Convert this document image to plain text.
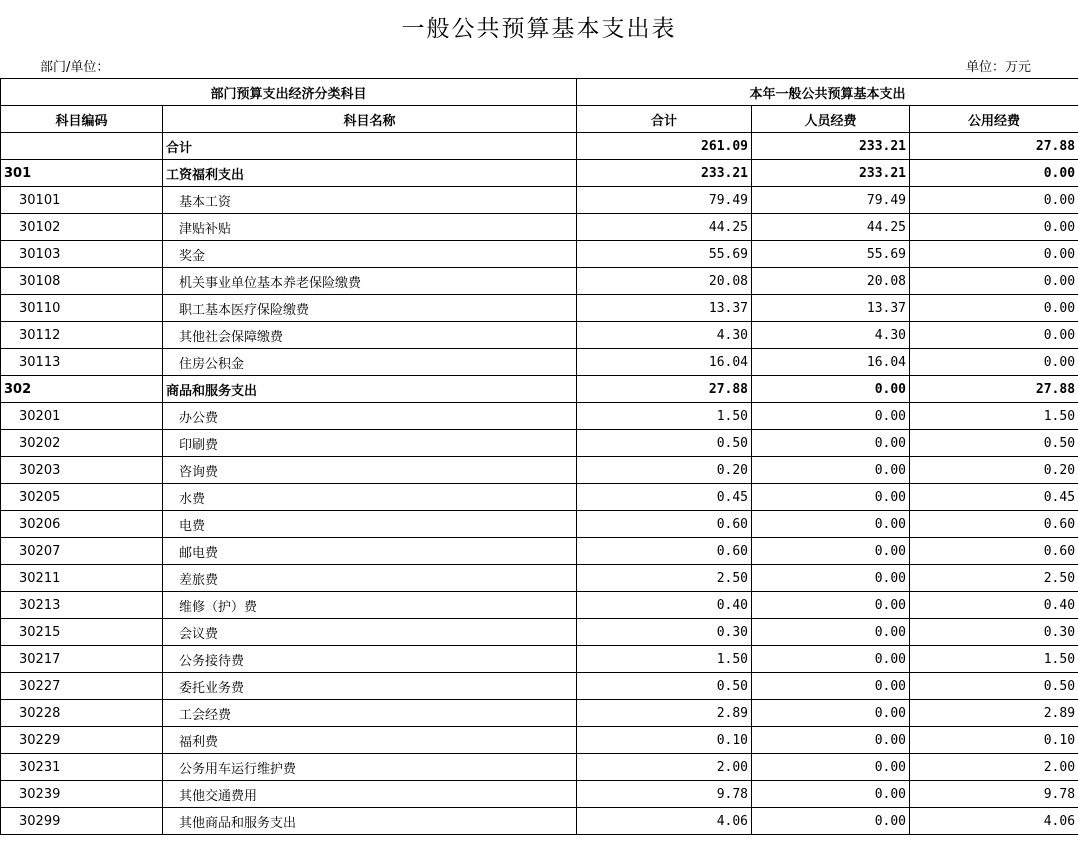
一般公共预算基本支出表
部门/单位：	单位：万元
部门预算支出经济分类科目		本年一般公共预算基本支出		
科目编码	科目名称	合计	人员经费	公用经费
	合计	261.09	233.21	27.88
301	工资福利支出	233.21	233.21	0.00
30101	基本工资	79.49	79.49	0.00
30102	津贴补贴	44.25	44.25	0.00
30103	奖金	55.69	55.69	0.00
30108	机关事业单位基本养老保险缴费	20.08	20.08	0.00
30110	职工基本医疗保险缴费	13.37	13.37	0.00
30112	其他社会保障缴费	4.30	4.30	0.00
30113	住房公积金	16.04	16.04	0.00
302	商品和服务支出	27.88	0.00	27.88
30201	办公费	1.50	0.00	1.50
30202	印刷费	0.50	0.00	0.50
30203	咨询费	0.20	0.00	0.20
30205	水费	0.45	0.00	0.45
30206	电费	0.60	0.00	0.60
30207	邮电费	0.60	0.00	0.60
30211	差旅费	2.50	0.00	2.50
30213	维修（护）费	0.40	0.00	0.40
30215	会议费	0.30	0.00	0.30
30217	公务接待费	1.50	0.00	1.50
30227	委托业务费	0.50	0.00	0.50
30228	工会经费	2.89	0.00	2.89
30229	福利费	0.10	0.00	0.10
30231	公务用车运行维护费	2.00	0.00	2.00
30239	其他交通费用	9.78	0.00	9.78
30299	其他商品和服务支出	4.06	0.00	4.06
